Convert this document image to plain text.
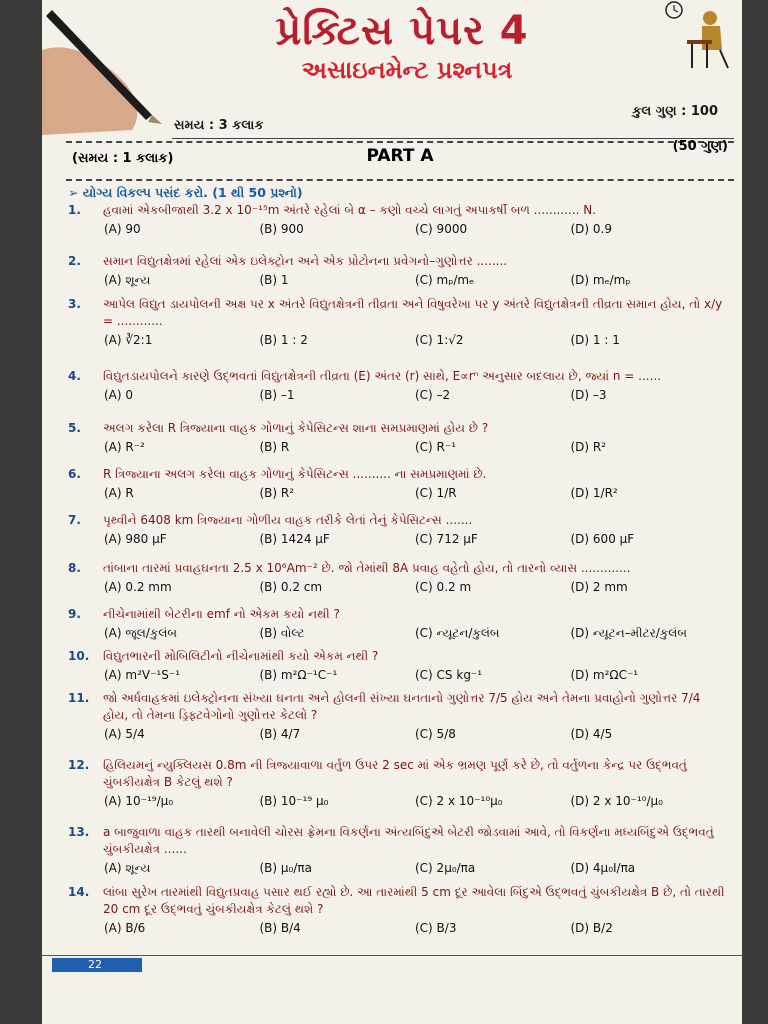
પ્રેક્ટિસ પેપર 4
અસાઇનમેન્ટ પ્રશ્નપત્ર
કુલ ગુણ : 100
સમય : 3 કલાક
(સમય : 1 કલાક)	PART A	(50 ગુણ)
➢ યોગ્ય વિકલ્પ પસંદ કરો. (1 થી 50 પ્રશ્નો)
1.	હવામાં એકબીજાથી 3.2 x 10⁻¹⁵m અંતરે રહેલાં બે α – કણો વચ્ચે લાગતું અપાકર્ષી બળ ............ N.
(A) 90	(B) 900	(C) 9000	(D) 0.9
2.	સમાન વિદ્યુતક્ષેત્રમાં રહેલાં એક ઇલેક્ટ્રોન અને એક પ્રોટોનના પ્રવેગનો–ગુણોત્તર ........
(A) શૂન્ય	(B) 1	(C) mₚ/mₑ	(D) mₑ/mₚ
3.	આપેલ વિદ્યુત ડાયપોલની અક્ષ પર x અંતરે વિદ્યુતક્ષેત્રની તીવ્રતા અને વિષુવરેખા પર y અંતરે વિદ્યુતક્ષેત્રની તીવ્રતા સમાન હોય, તો x/y = ............
(A) ∛2:1	(B) 1 : 2	(C) 1:√2	(D) 1 : 1
4.	વિદ્યુતડાયપોલને કારણે ઉદ્‌ભવતાં વિદ્યુતક્ષેત્રની તીવ્રતા (E) અંતર (r) સાથે, E∝rⁿ અનુસાર બદલાય છે, જ્યાં n = ......
(A) 0	(B) –1	(C) –2	(D) –3
5.	અલગ કરેલા R ત્રિજ્યાના વાહક ગોળાનું કેપેસિટન્સ શાના સમપ્રમાણમાં હોય છે ?
(A) R⁻²	(B) R	(C) R⁻¹	(D) R²
6.	R ત્રિજ્યાના અલગ કરેલા વાહક ગોળાનું કેપેસિટન્સ .......... ના સમપ્રમાણમાં છે.
(A) R	(B) R²	(C) 1/R	(D) 1/R²
7.	પૃથ્વીને 6408 km ત્રિજ્યાના ગોળીય વાહક તરીકે લેતાં તેનું કેપેસિટન્સ .......
(A) 980 μF	(B) 1424 μF	(C) 712 μF	(D) 600 μF
8.	તાંબાના તારમાં પ્રવાહઘનતા 2.5 x 10⁶Am⁻² છે. જો તેમાંથી 8A પ્રવાહ વહેતો હોય, તો તારનો વ્યાસ .............
(A) 0.2 mm	(B) 0.2 cm	(C) 0.2 m	(D) 2 mm
9.	નીચેનામાંથી બેટરીના emf નો એકમ કયો નથી ?
(A) જૂલ/કુલંબ	(B) વોલ્ટ	(C) ન્યૂટન/કુલંબ	(D) ન્યૂટન–મીટર/કુલંબ
10.	વિદ્યુતભારની મોબિલિટીનો નીચેનામાંથી કયો એકમ નથી ?
(A) m²V⁻¹S⁻¹	(B) m²Ω⁻¹C⁻¹	(C) CS kg⁻¹	(D) m²ΩC⁻¹
11.	જો અર્ધવાહકમાં ઇલેક્ટ્રોનના સંખ્યા ઘનતા અને હોલની સંખ્યા ઘનતાનો ગુણોત્તર 7/5 હોય અને તેમના પ્રવાહોનો ગુણોત્તર 7/4 હોય, તો તેમના ડ્રિફ્ટવેગોનો ગુણોત્તર કેટલો ?
(A) 5/4	(B) 4/7	(C) 5/8	(D) 4/5
12.	હિલિયમનું ન્યુક્લિયસ 0.8m ની ત્રિજ્યાવાળા વર્તુળ ઉપર 2 sec માં એક ભ્રમણ પૂર્ણ કરે છે, તો વર્તુળના કેન્દ્ર પર ઉદ્‌ભવતું ચુંબકીયક્ષેત્ર B કેટલું થશે ?
(A) 10⁻¹⁹/μ₀	(B) 10⁻¹⁹ μ₀	(C) 2 x 10⁻¹⁰μ₀	(D) 2 x 10⁻¹⁰/μ₀
13.	a બાજુવાળા વાહક તારથી બનાવેલી ચોરસ ફ્રેમના વિકર્ણના અંત્યબિંદુએ બેટરી જોડવામાં આવે, તો વિકર્ણના મધ્યબિંદુએ ઉદ્‌ભવતું ચુંબકીયક્ષેત્ર ......
(A) શૂન્ય	(B) μ₀/πa	(C) 2μ₀/πa	(D) 4μ₀I/πa
14.	લાંબા સુરેખ તારમાંથી વિદ્યુતપ્રવાહ પસાર થઈ રહ્યો છે. આ તારમાંથી 5 cm દૂર આવેલા બિંદુએ ઉદ્‌ભવતું ચુંબકીયક્ષેત્ર B છે, તો તારથી 20 cm દૂર ઉદ્‌ભવતું ચુંબકીયક્ષેત્ર કેટલું થશે ?
(A) B/6	(B) B/4	(C) B/3	(D) B/2
22
